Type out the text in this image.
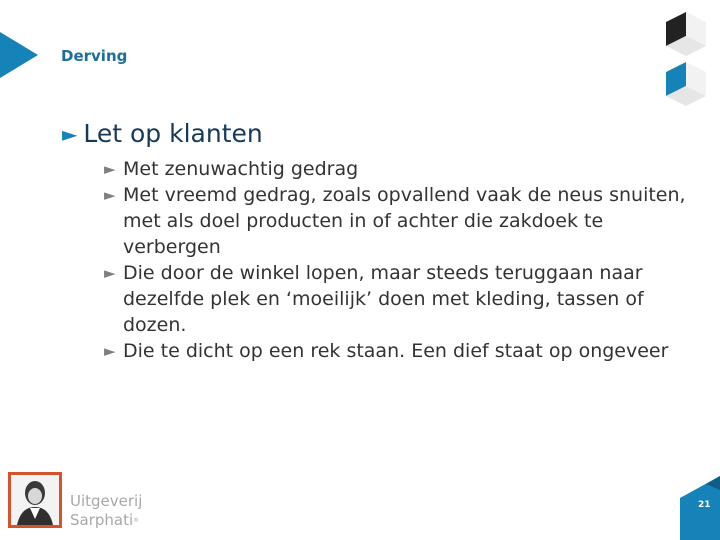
Derving
► Let op klanten
► Met zenuwachtig gedrag
► Met vreemd gedrag, zoals opvallend vaak de neus snuiten, met als doel producten in of achter die zakdoek te verbergen
► Die door de winkel lopen, maar steeds teruggaan naar dezelfde plek en ‘moeilijk’ doen met kleding, tassen of dozen.
► Die te dicht op een rek staan. Een dief staat op ongeveer
Uitgeverij
Sarphati®
21
